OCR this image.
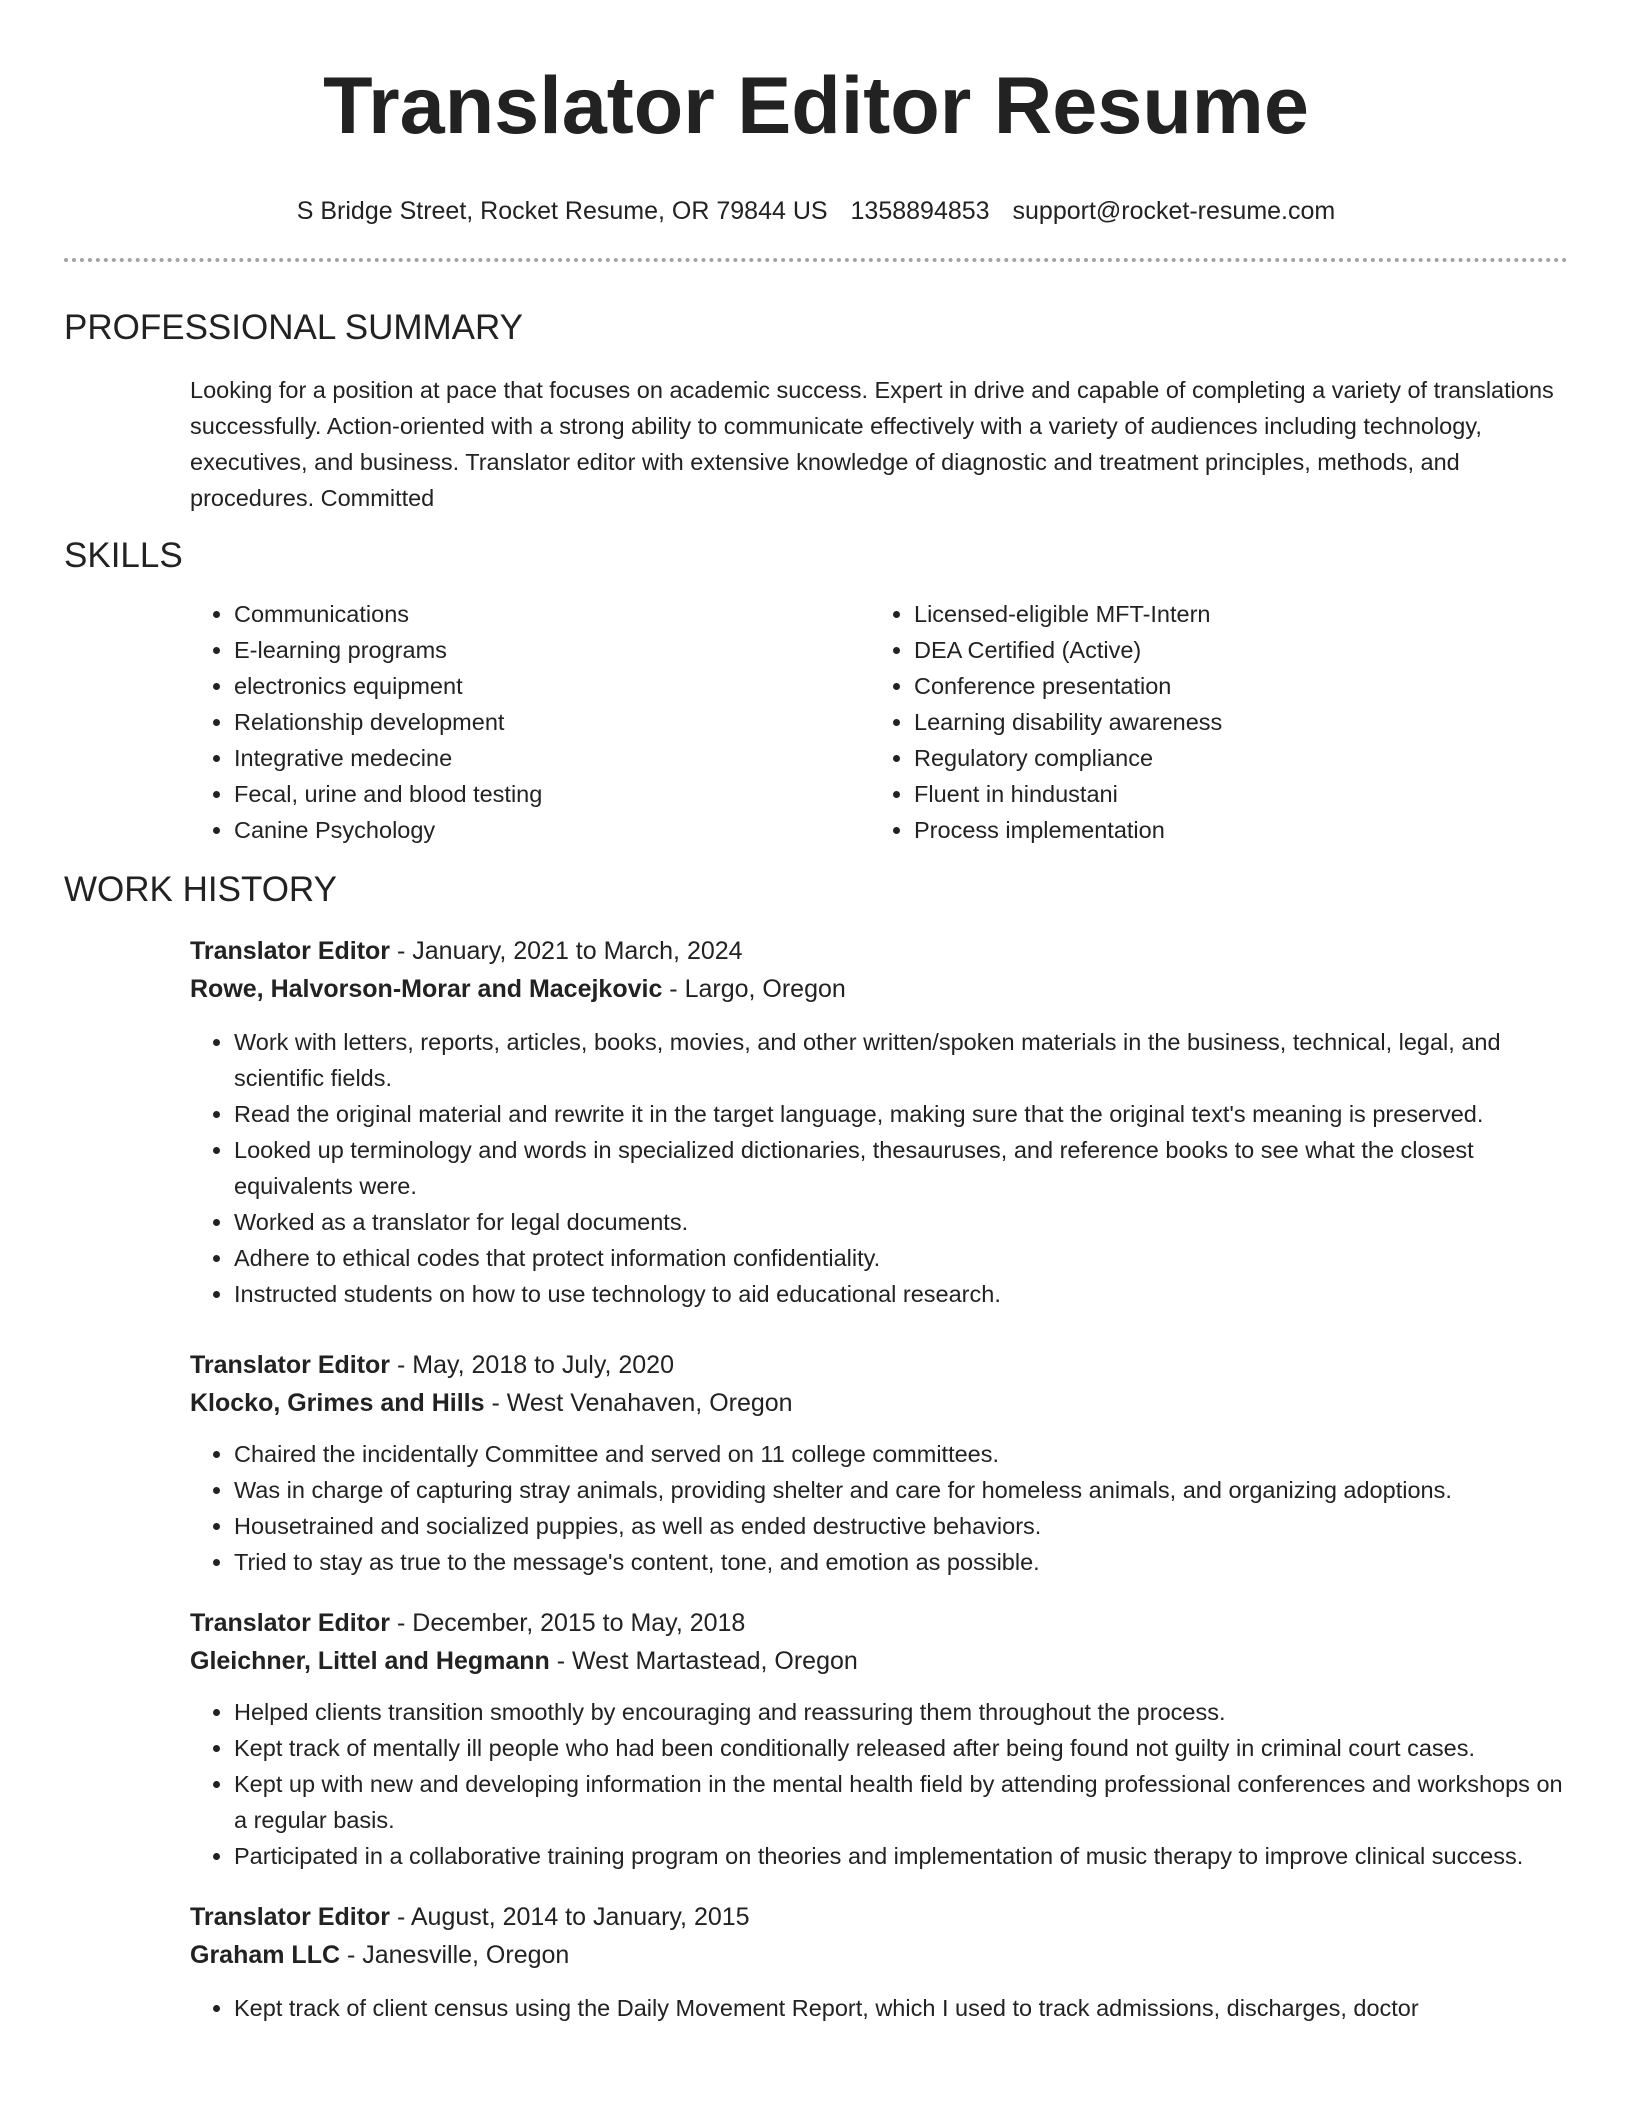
Translator Editor Resume
S Bridge Street, Rocket Resume, OR 79844 US 1358894853 support@rocket-resume.com
PROFESSIONAL SUMMARY

Looking for a position at pace that focuses on academic success. Expert in drive and capable of completing a variety of translations successfully. Action-oriented with a strong ability to communicate effectively with a variety of audiences including technology, executives, and business. Translator editor with extensive knowledge of diagnostic and treatment principles, methods, and procedures. Committed

SKILLS
• Communications
• E-learning programs
• electronics equipment
• Relationship development
• Integrative medecine
• Fecal, urine and blood testing
• Canine Psychology
• Licensed-eligible MFT-Intern
• DEA Certified (Active)
• Conference presentation
• Learning disability awareness
• Regulatory compliance
• Fluent in hindustani
• Process implementation
WORK HISTORY
Translator Editor - January, 2021 to March, 2024
Rowe, Halvorson-Morar and Macejkovic - Largo, Oregon
• Work with letters, reports, articles, books, movies, and other written/spoken materials in the business, technical, legal, and scientific fields.
• Read the original material and rewrite it in the target language, making sure that the original text's meaning is preserved.
• Looked up terminology and words in specialized dictionaries, thesauruses, and reference books to see what the closest equivalents were.
• Worked as a translator for legal documents.
• Adhere to ethical codes that protect information confidentiality.
• Instructed students on how to use technology to aid educational research.
Translator Editor - May, 2018 to July, 2020
Klocko, Grimes and Hills - West Venahaven, Oregon
• Chaired the incidentally Committee and served on 11 college committees.
• Was in charge of capturing stray animals, providing shelter and care for homeless animals, and organizing adoptions.
• Housetrained and socialized puppies, as well as ended destructive behaviors.
• Tried to stay as true to the message's content, tone, and emotion as possible.
Translator Editor - December, 2015 to May, 2018
Gleichner, Littel and Hegmann - West Martastead, Oregon
• Helped clients transition smoothly by encouraging and reassuring them throughout the process.
• Kept track of mentally ill people who had been conditionally released after being found not guilty in criminal court cases.
• Kept up with new and developing information in the mental health field by attending professional conferences and workshops on a regular basis.
• Participated in a collaborative training program on theories and implementation of music therapy to improve clinical success.
Translator Editor - August, 2014 to January, 2015
Graham LLC - Janesville, Oregon
• Kept track of client census using the Daily Movement Report, which I used to track admissions, discharges, doctor
